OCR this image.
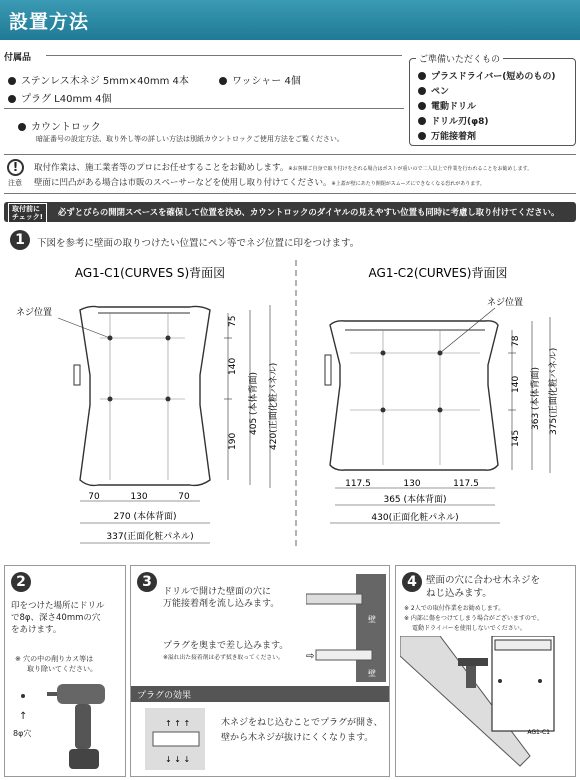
設置方法
付属品
ステンレス木ネジ 5mm×40mm 4本	ワッシャー 4個
プラグ L40mm 4個
カウントロック
暗証番号の設定方法、取り外し等の詳しい方法は別紙カウントロックご使用方法をご覧ください。
ご準備いただくもの
プラスドライバー(短めのもの)
ペン
電動ドリル
ドリル刃(φ8)
万能接着剤
!
注意
取付作業は、施工業者等のプロにお任せすることをお勧めします。※お客様ご自身で取り付けをされる場合はポストが重いので二人以上で作業を行われることをお勧めします。
壁面に凹凸がある場合は市販のスペーサーなどを使用し取り付けてください。※上蓋が壁にあたり開閉がスムーズにできなくなる恐れがあります。
取付前に
チェック! 必ずとびらの開閉スペースを確保して位置を決め、カウントロックのダイヤルの見えやすい位置も同時に考慮し取り付けてください。
1	下図を参考に壁面の取りつけたい位置にペン等でネジ位置に印をつけます。
AG1-C1(CURVES S)背面図
ネジ位置
75
140
190
405 (本体背面) 420(正面化粧パネル)
70	130	70
270 (本体背面)
337(正面化粧パネル)
AG1-C2(CURVES)背面図
ネジ位置
78
140
145
363 (本体背面) 375(正面化粧パネル)
117.5	130	117.5
365 (本体背面)
430(正面化粧パネル)
2
印をつけた場所にドリル
で8φ、深さ40mmの穴
をあけます。
※ 穴の中の削りカス等は
取り除いてください。
↑
8φ穴
3
ドリルで開けた壁面の穴に
万能接着剤を流し込みます。
壁
プラグを奥まで差し込みます。
※溢れ出た接着剤は必ず拭き取ってください。 ⇨
壁
プラグの効果
↑ ↑ ↑
↓ ↓ ↓
木ネジをねじ込むことでプラグが開き、
壁から木ネジが抜けにくくなります。
4 壁面の穴に合わせ木ネジを
ねじ込みます。
※ 2人での取付作業をお勧めします。
※ 内部に傷をつけてしまう場合がございますので、
電動ドライバーを使用しないでください。
AG1-C1
